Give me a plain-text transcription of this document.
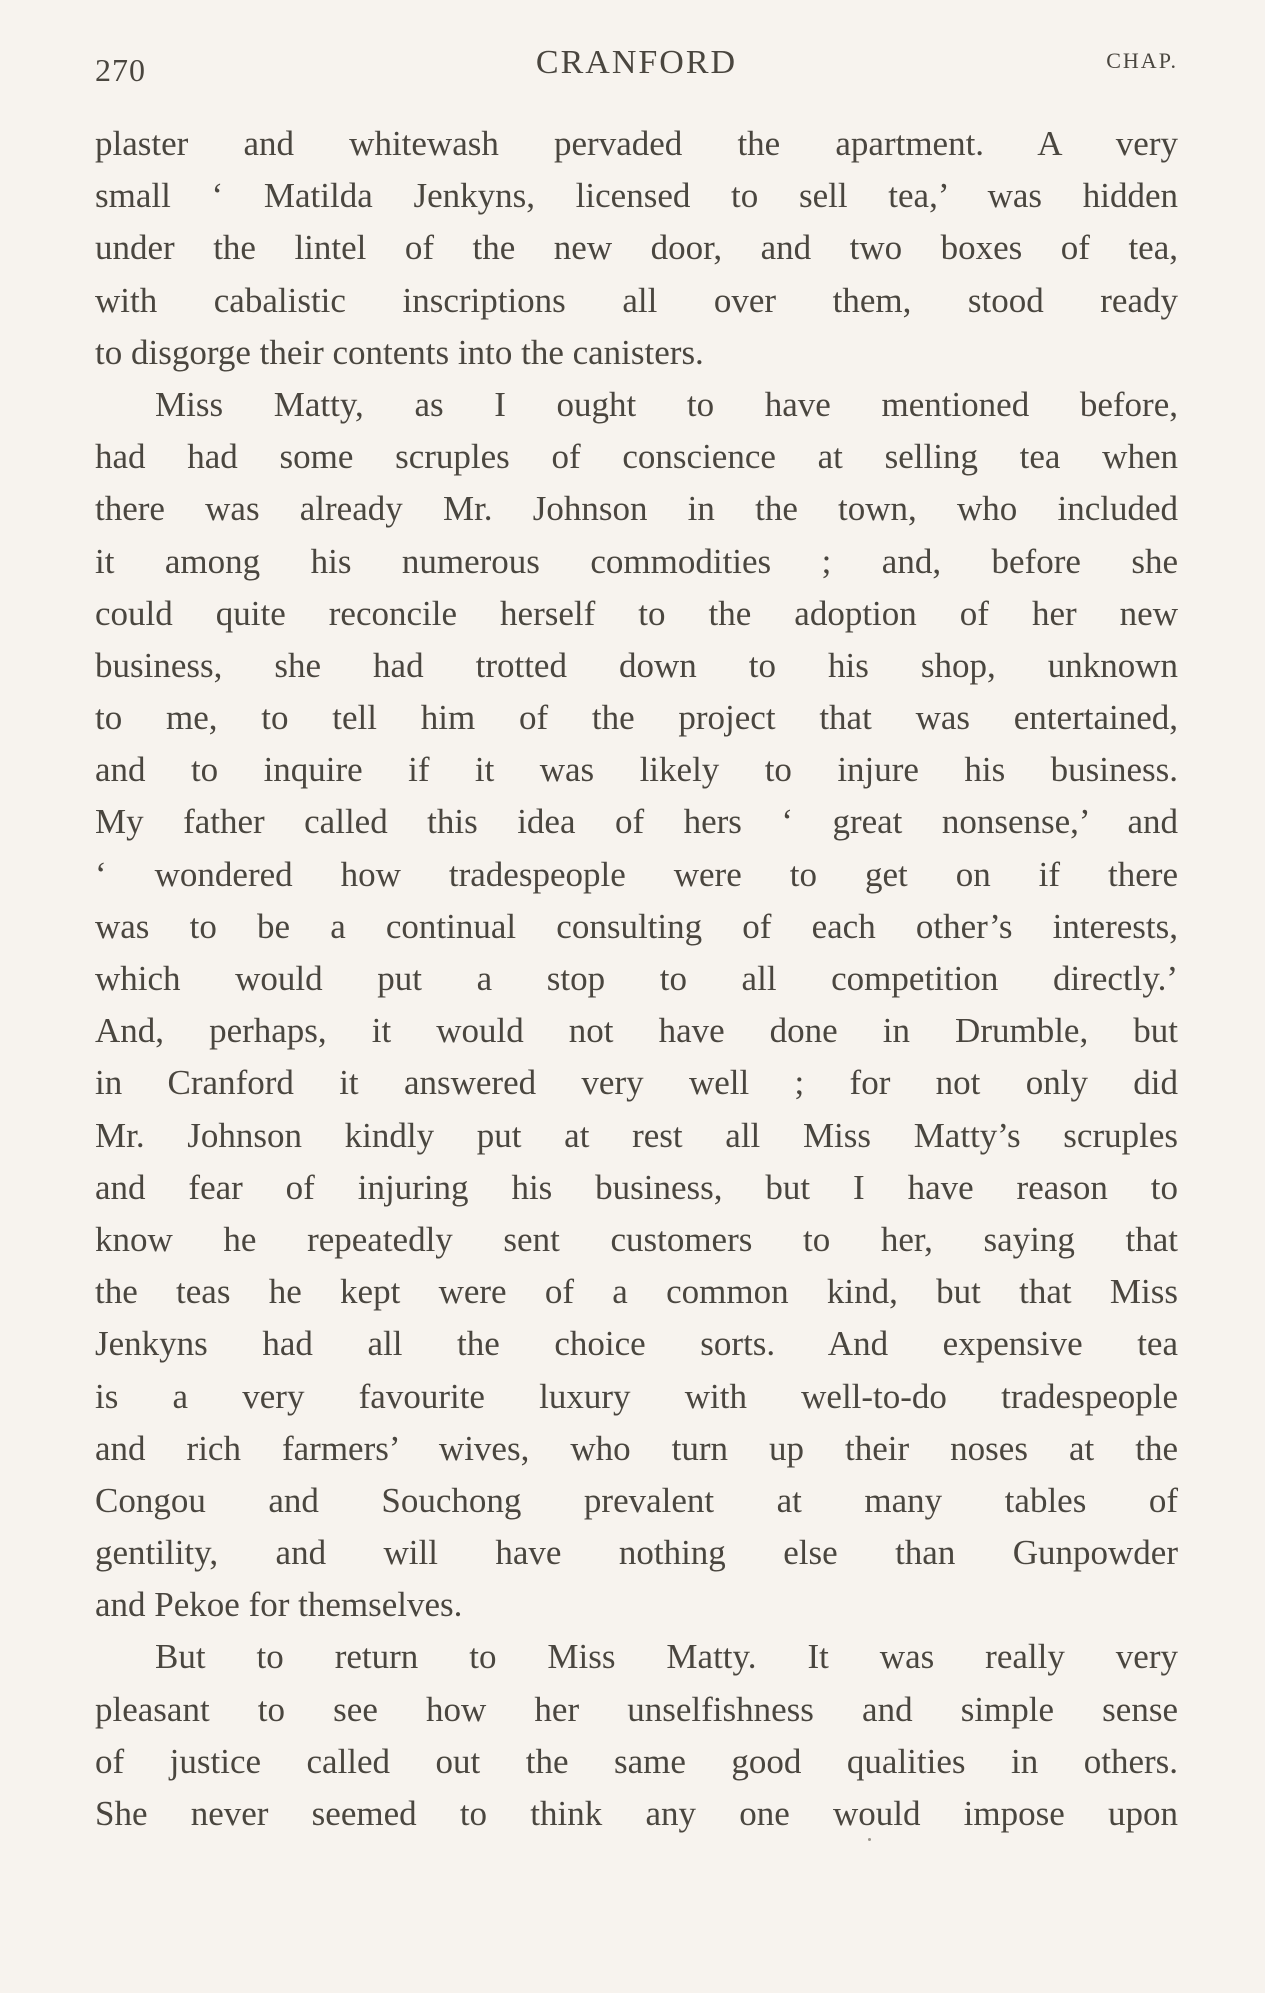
270	CRANFORD	CHAP.
plaster and whitewash pervaded the apartment. A very
small ‘ Matilda Jenkyns, licensed to sell tea,’ was hidden
under the lintel of the new door, and two boxes of tea,
with cabalistic inscriptions all over them, stood ready
to disgorge their contents into the canisters.
Miss Matty, as I ought to have mentioned before,
had had some scruples of conscience at selling tea when
there was already Mr. Johnson in the town, who included
it among his numerous commodities ; and, before she
could quite reconcile herself to the adoption of her new
business, she had trotted down to his shop, unknown
to me, to tell him of the project that was entertained,
and to inquire if it was likely to injure his business.
My father called this idea of hers ‘ great nonsense,’ and
‘ wondered how tradespeople were to get on if there
was to be a continual consulting of each other’s interests,
which would put a stop to all competition directly.’
And, perhaps, it would not have done in Drumble, but
in Cranford it answered very well ; for not only did
Mr. Johnson kindly put at rest all Miss Matty’s scruples
and fear of injuring his business, but I have reason to
know he repeatedly sent customers to her, saying that
the teas he kept were of a common kind, but that Miss
Jenkyns had all the choice sorts. And expensive tea
is a very favourite luxury with well-to-do tradespeople
and rich farmers’ wives, who turn up their noses at the
Congou and Souchong prevalent at many tables of
gentility, and will have nothing else than Gunpowder
and Pekoe for themselves.
But to return to Miss Matty. It was really very
pleasant to see how her unselfishness and simple sense
of justice called out the same good qualities in others.
She never seemed to think any one would impose upon
